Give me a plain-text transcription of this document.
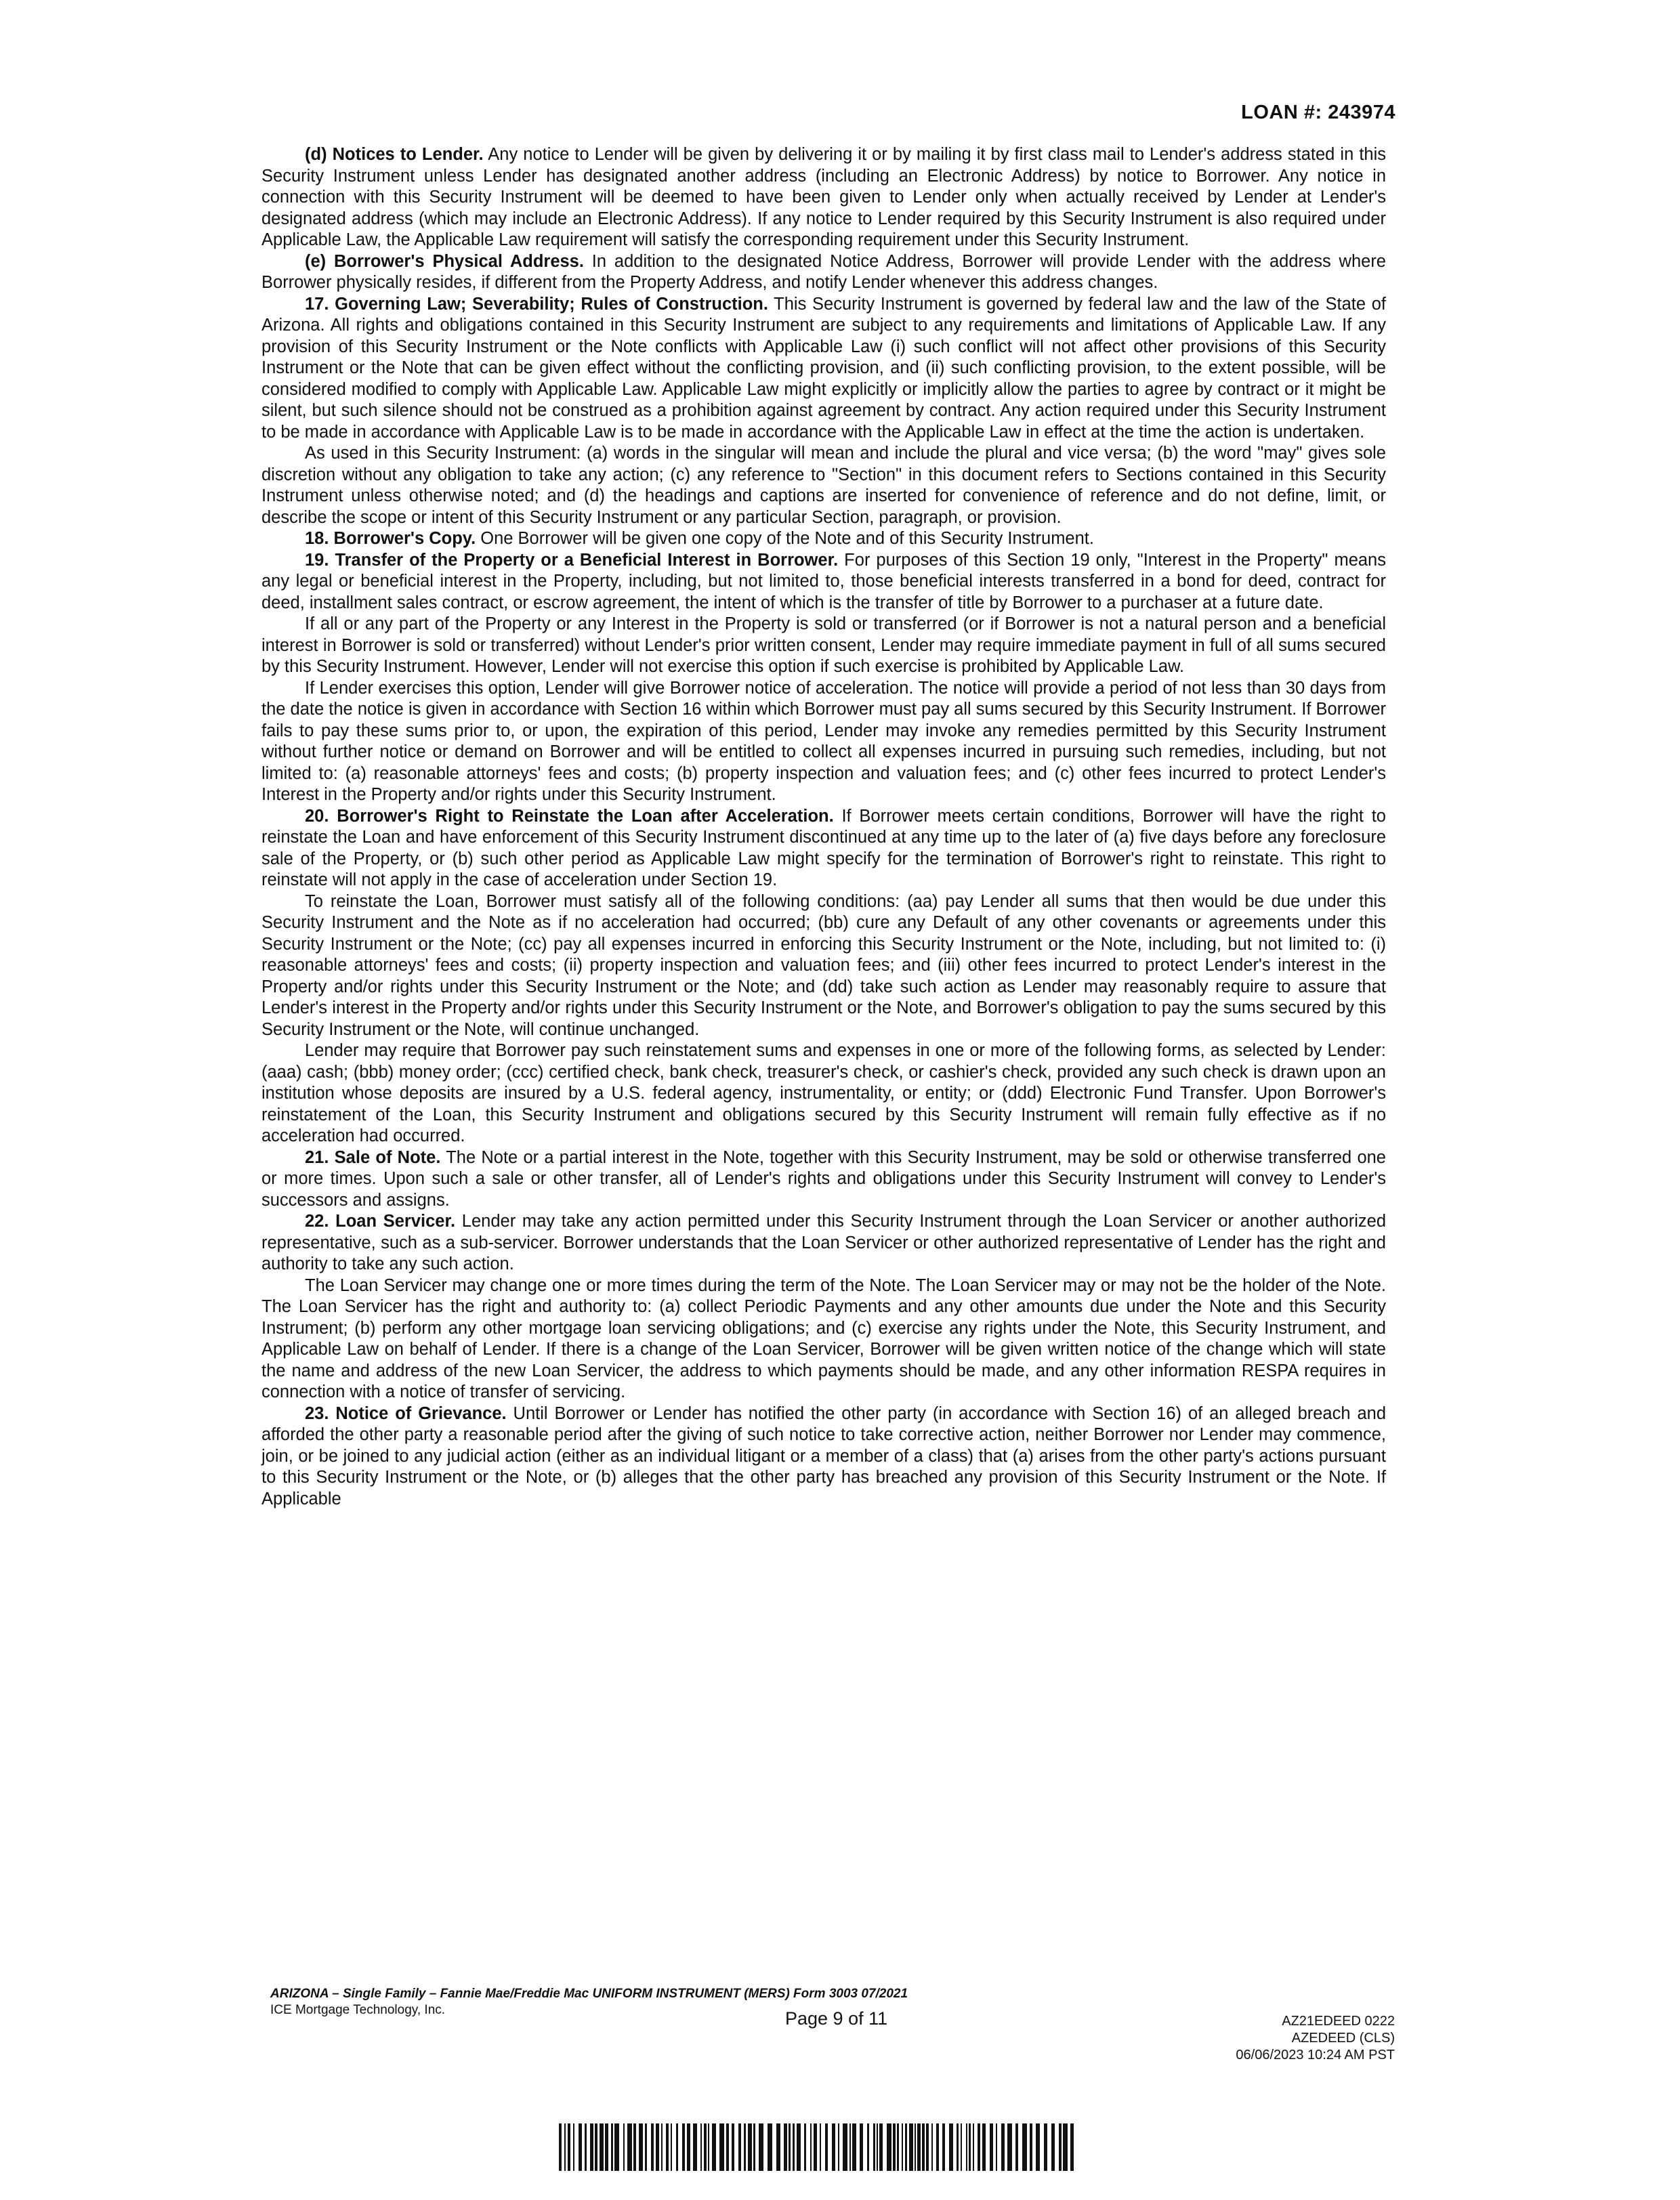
LOAN #: 243974

(d) Notices to Lender. Any notice to Lender will be given by delivering it or by mailing it by first class mail to Lender's address stated in this Security Instrument unless Lender has designated another address (including an Electronic Address) by notice to Borrower. Any notice in connection with this Security Instrument will be deemed to have been given to Lender only when actually received by Lender at Lender's designated address (which may include an Electronic Address). If any notice to Lender required by this Security Instrument is also required under Applicable Law, the Applicable Law requirement will satisfy the corresponding requirement under this Security Instrument.

(e) Borrower's Physical Address. In addition to the designated Notice Address, Borrower will provide Lender with the address where Borrower physically resides, if different from the Property Address, and notify Lender whenever this address changes.

17. Governing Law; Severability; Rules of Construction. This Security Instrument is governed by federal law and the law of the State of Arizona. All rights and obligations contained in this Security Instrument are subject to any requirements and limitations of Applicable Law. If any provision of this Security Instrument or the Note conflicts with Applicable Law (i) such conflict will not affect other provisions of this Security Instrument or the Note that can be given effect without the conflicting provision, and (ii) such conflicting provision, to the extent possible, will be considered modified to comply with Applicable Law. Applicable Law might explicitly or implicitly allow the parties to agree by contract or it might be silent, but such silence should not be construed as a prohibition against agreement by contract. Any action required under this Security Instrument to be made in accordance with Applicable Law is to be made in accordance with the Applicable Law in effect at the time the action is undertaken.

As used in this Security Instrument: (a) words in the singular will mean and include the plural and vice versa; (b) the word "may" gives sole discretion without any obligation to take any action; (c) any reference to "Section" in this document refers to Sections contained in this Security Instrument unless otherwise noted; and (d) the headings and captions are inserted for convenience of reference and do not define, limit, or describe the scope or intent of this Security Instrument or any particular Section, paragraph, or provision.

18. Borrower's Copy. One Borrower will be given one copy of the Note and of this Security Instrument.

19. Transfer of the Property or a Beneficial Interest in Borrower. For purposes of this Section 19 only, "Interest in the Property" means any legal or beneficial interest in the Property, including, but not limited to, those beneficial interests transferred in a bond for deed, contract for deed, installment sales contract, or escrow agreement, the intent of which is the transfer of title by Borrower to a purchaser at a future date.

If all or any part of the Property or any Interest in the Property is sold or transferred (or if Borrower is not a natural person and a beneficial interest in Borrower is sold or transferred) without Lender's prior written consent, Lender may require immediate payment in full of all sums secured by this Security Instrument. However, Lender will not exercise this option if such exercise is prohibited by Applicable Law.

If Lender exercises this option, Lender will give Borrower notice of acceleration. The notice will provide a period of not less than 30 days from the date the notice is given in accordance with Section 16 within which Borrower must pay all sums secured by this Security Instrument. If Borrower fails to pay these sums prior to, or upon, the expiration of this period, Lender may invoke any remedies permitted by this Security Instrument without further notice or demand on Borrower and will be entitled to collect all expenses incurred in pursuing such remedies, including, but not limited to: (a) reasonable attorneys' fees and costs; (b) property inspection and valuation fees; and (c) other fees incurred to protect Lender's Interest in the Property and/or rights under this Security Instrument.

20. Borrower's Right to Reinstate the Loan after Acceleration. If Borrower meets certain conditions, Borrower will have the right to reinstate the Loan and have enforcement of this Security Instrument discontinued at any time up to the later of (a) five days before any foreclosure sale of the Property, or (b) such other period as Applicable Law might specify for the termination of Borrower's right to reinstate. This right to reinstate will not apply in the case of acceleration under Section 19.

To reinstate the Loan, Borrower must satisfy all of the following conditions: (aa) pay Lender all sums that then would be due under this Security Instrument and the Note as if no acceleration had occurred; (bb) cure any Default of any other covenants or agreements under this Security Instrument or the Note; (cc) pay all expenses incurred in enforcing this Security Instrument or the Note, including, but not limited to: (i) reasonable attorneys' fees and costs; (ii) property inspection and valuation fees; and (iii) other fees incurred to protect Lender's interest in the Property and/or rights under this Security Instrument or the Note; and (dd) take such action as Lender may reasonably require to assure that Lender's interest in the Property and/or rights under this Security Instrument or the Note, and Borrower's obligation to pay the sums secured by this Security Instrument or the Note, will continue unchanged.

Lender may require that Borrower pay such reinstatement sums and expenses in one or more of the following forms, as selected by Lender: (aaa) cash; (bbb) money order; (ccc) certified check, bank check, treasurer's check, or cashier's check, provided any such check is drawn upon an institution whose deposits are insured by a U.S. federal agency, instrumentality, or entity; or (ddd) Electronic Fund Transfer. Upon Borrower's reinstatement of the Loan, this Security Instrument and obligations secured by this Security Instrument will remain fully effective as if no acceleration had occurred.

21. Sale of Note. The Note or a partial interest in the Note, together with this Security Instrument, may be sold or otherwise transferred one or more times. Upon such a sale or other transfer, all of Lender's rights and obligations under this Security Instrument will convey to Lender's successors and assigns.

22. Loan Servicer. Lender may take any action permitted under this Security Instrument through the Loan Servicer or another authorized representative, such as a sub-servicer. Borrower understands that the Loan Servicer or other authorized representative of Lender has the right and authority to take any such action.

The Loan Servicer may change one or more times during the term of the Note. The Loan Servicer may or may not be the holder of the Note. The Loan Servicer has the right and authority to: (a) collect Periodic Payments and any other amounts due under the Note and this Security Instrument; (b) perform any other mortgage loan servicing obligations; and (c) exercise any rights under the Note, this Security Instrument, and Applicable Law on behalf of Lender. If there is a change of the Loan Servicer, Borrower will be given written notice of the change which will state the name and address of the new Loan Servicer, the address to which payments should be made, and any other information RESPA requires in connection with a notice of transfer of servicing.

23. Notice of Grievance. Until Borrower or Lender has notified the other party (in accordance with Section 16) of an alleged breach and afforded the other party a reasonable period after the giving of such notice to take corrective action, neither Borrower nor Lender may commence, join, or be joined to any judicial action (either as an individual litigant or a member of a class) that (a) arises from the other party's actions pursuant to this Security Instrument or the Note, or (b) alleges that the other party has breached any provision of this Security Instrument or the Note. If Applicable

ARIZONA – Single Family – Fannie Mae/Freddie Mac UNIFORM INSTRUMENT (MERS) Form 3003 07/2021
ICE Mortgage Technology, Inc.	Page 9 of 11	AZ21EDEED 0222
AZEDEED (CLS)
06/06/2023 10:24 AM PST
